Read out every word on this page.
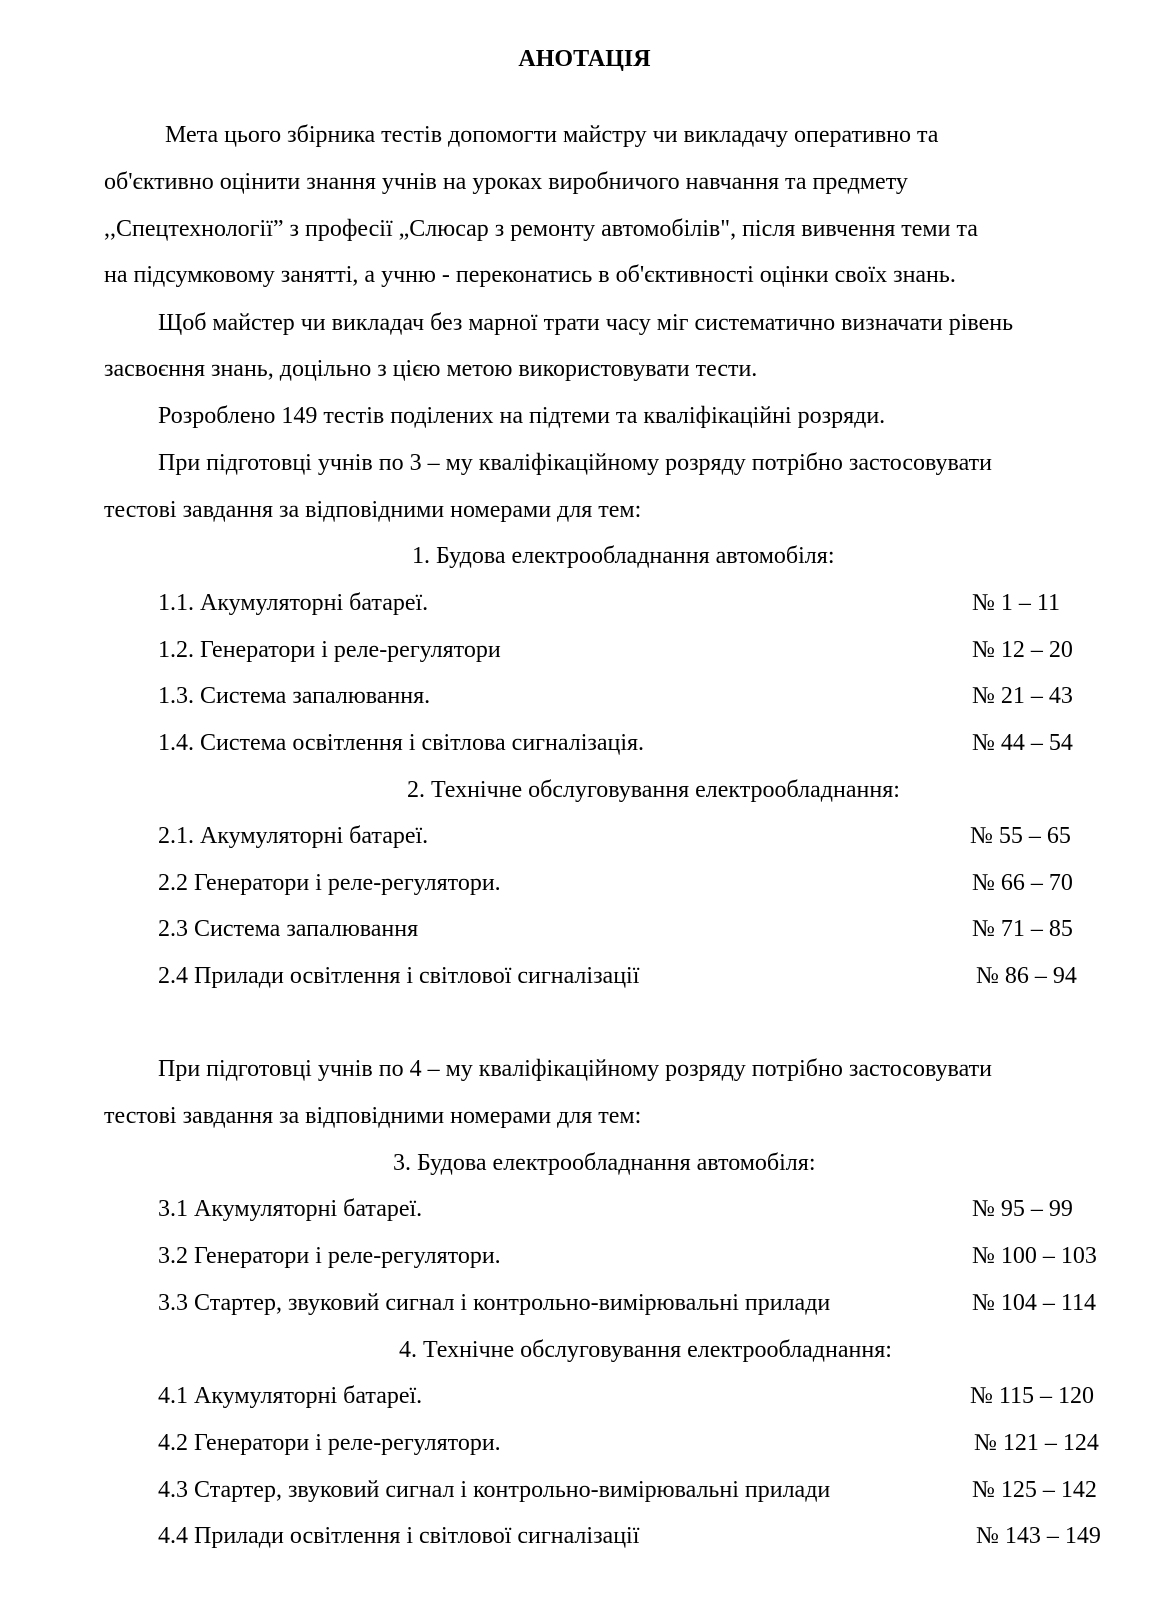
АНОТАЦІЯ
Мета цього збірника тестів допомогти майстру чи викладачу оперативно та
об'єктивно оцінити знання учнів на уроках виробничого навчання та предмету
,,Спецтехнології” з професії „Слюсар з ремонту автомобілів", після вивчення теми та
на підсумковому занятті, а учню - переконатись в об'єктивності оцінки своїх знань.
Щоб майстер чи викладач без марної трати часу міг систематично визначати рівень
засвоєння знань, доцільно з цією метою використовувати тести.
Розроблено 149 тестів поділених на підтеми та кваліфікаційні розряди.
При підготовці учнів по 3 – му кваліфікаційному розряду потрібно застосовувати
тестові завдання за відповідними номерами для тем:
1. Будова електрообладнання автомобіля:
1.1. Акумуляторні батареї.	№ 1 – 11
1.2. Генератори і реле-регулятори	№ 12 – 20
1.3. Система запалювання.	№ 21 – 43
1.4. Система освітлення і світлова сигналізація.	№ 44 – 54
2. Технічне обслуговування електрообладнання:
2.1. Акумуляторні батареї.	№ 55 – 65
2.2 Генератори і реле-регулятори.	№ 66 – 70
2.3 Система запалювання	№ 71 – 85
2.4 Прилади освітлення і світлової сигналізації	№ 86 – 94
При підготовці учнів по 4 – му кваліфікаційному розряду потрібно застосовувати
тестові завдання за відповідними номерами для тем:
3. Будова електрообладнання автомобіля:
3.1 Акумуляторні батареї.	№ 95 – 99
3.2 Генератори і реле-регулятори.	№ 100 – 103
3.3 Стартер, звуковий сигнал і контрольно-вимірювальні прилади	№ 104 – 114
4. Технічне обслуговування електрообладнання:
4.1 Акумуляторні батареї.	№ 115 – 120
4.2 Генератори і реле-регулятори.	№ 121 – 124
4.3 Стартер, звуковий сигнал і контрольно-вимірювальні прилади	№ 125 – 142
4.4 Прилади освітлення і світлової сигналізації	№ 143 – 149
